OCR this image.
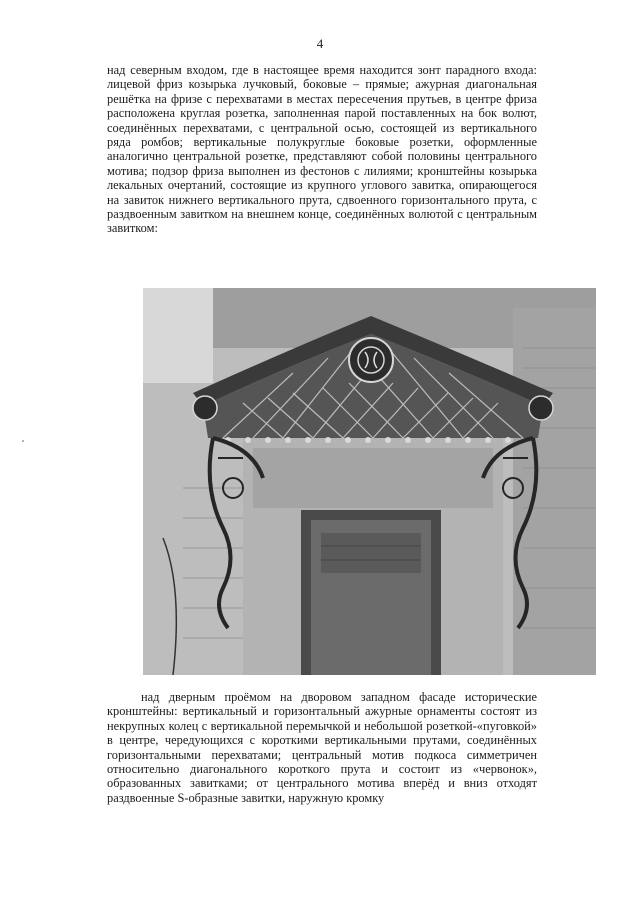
4

над северным входом, где в настоящее время находится зонт парадного входа: лицевой фриз козырька лучковый, боковые – прямые; ажурная диагональная решётка на фризе с перехватами в местах пересечения прутьев, в центре фриза расположена круглая розетка, заполненная парой поставленных на бок волют, соединённых перехватами, с центральной осью, состоящей из вертикального ряда ромбов; вертикальные полукруглые боковые розетки, оформленные аналогично центральной розетке, представляют собой половины центрального мотива; подзор фриза выполнен из фестонов с лилиями; кронштейны козырька лекальных очертаний, состоящие из крупного углового завитка, опирающегося на завиток нижнего вертикального прута, сдвоенного горизонтального прута, с раздвоенным завитком на внешнем конце, соединённых волютой с центральным завитком:

над дверным проёмом на дворовом западном фасаде исторические кронштейны: вертикальный и горизонтальный ажурные орнаменты состоят из некрупных колец с вертикальной перемычкой и небольшой розеткой-«пуговкой» в центре, чередующихся с короткими вертикальными прутами, соединённых горизонтальными перехватами; центральный мотив подкоса симметричен относительно диагонального короткого прута и состоит из «червонок», образованных завитками; от центрального мотива вперёд и вниз отходят раздвоенные S-образные завитки, наружную кромку
